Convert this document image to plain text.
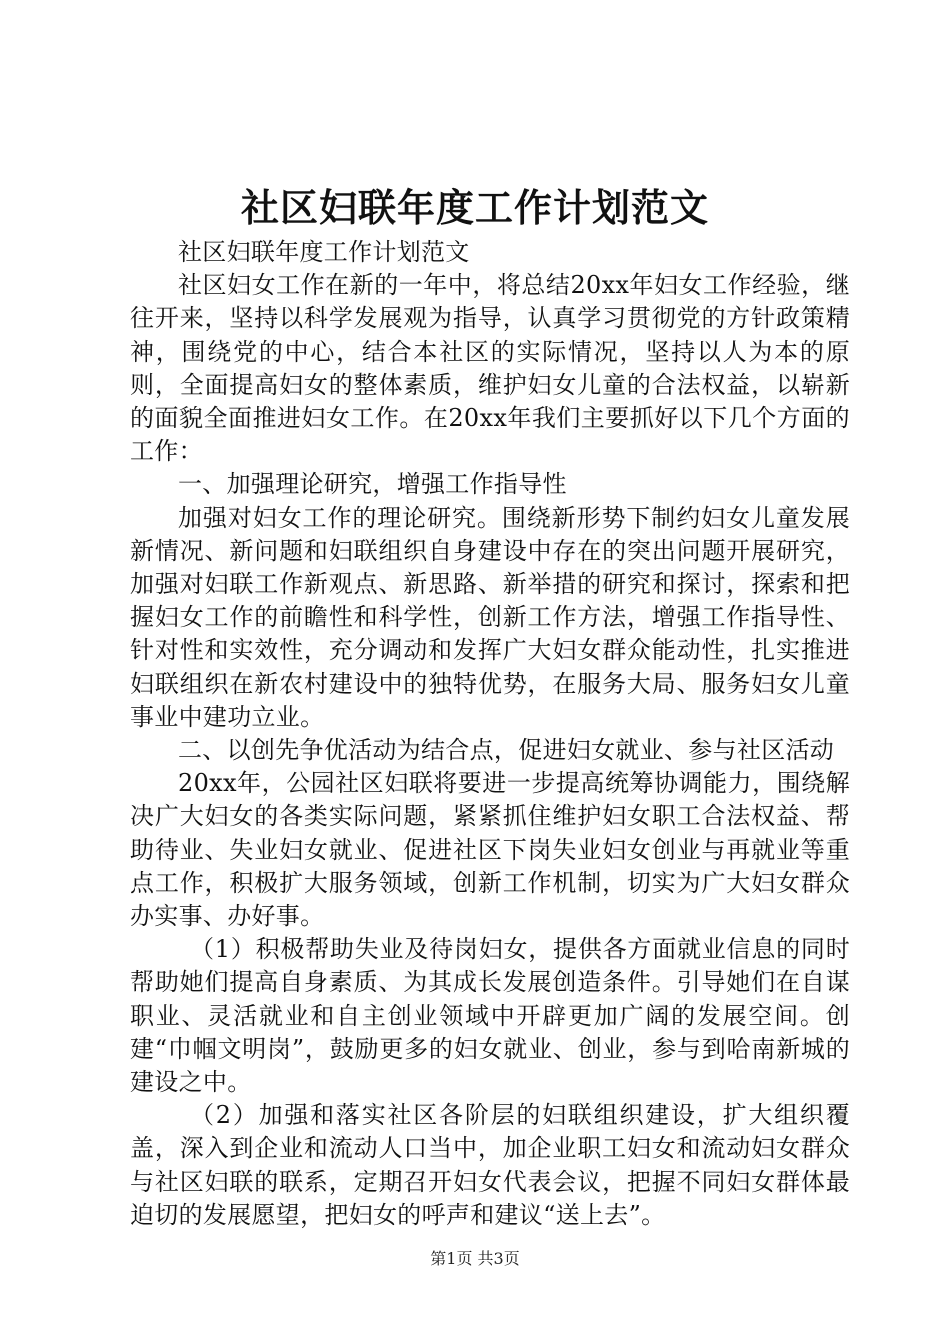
社区妇联年度工作计划范文

社区妇联年度工作计划范文

社区妇女工作在新的一年中，将总结20xx年妇女工作经验，继往开来，坚持以科学发展观为指导，认真学习贯彻党的方针政策精神，围绕党的中心，结合本社区的实际情况，坚持以人为本的原则，全面提高妇女的整体素质，维护妇女儿童的合法权益，以崭新的面貌全面推进妇女工作。在20xx年我们主要抓好以下几个方面的工作：

一、加强理论研究，增强工作指导性

加强对妇女工作的理论研究。围绕新形势下制约妇女儿童发展新情况、新问题和妇联组织自身建设中存在的突出问题开展研究，加强对妇联工作新观点、新思路、新举措的研究和探讨，探索和把握妇女工作的前瞻性和科学性，创新工作方法，增强工作指导性、针对性和实效性，充分调动和发挥广大妇女群众能动性，扎实推进妇联组织在新农村建设中的独特优势，在服务大局、服务妇女儿童事业中建功立业。

二、以创先争优活动为结合点，促进妇女就业、参与社区活动

20xx年，公园社区妇联将要进一步提高统筹协调能力，围绕解决广大妇女的各类实际问题，紧紧抓住维护妇女职工合法权益、帮助待业、失业妇女就业、促进社区下岗失业妇女创业与再就业等重点工作，积极扩大服务领域，创新工作机制，切实为广大妇女群众办实事、办好事。

（1）积极帮助失业及待岗妇女，提供各方面就业信息的同时帮助她们提高自身素质、为其成长发展创造条件。引导她们在自谋职业、灵活就业和自主创业领域中开辟更加广阔的发展空间。创建“巾帼文明岗”，鼓励更多的妇女就业、创业，参与到哈南新城的建设之中。

（2）加强和落实社区各阶层的妇联组织建设，扩大组织覆盖，深入到企业和流动人口当中，加企业职工妇女和流动妇女群众与社区妇联的联系，定期召开妇女代表会议，把握不同妇女群体最迫切的发展愿望，把妇女的呼声和建议“送上去”。

第1页 共3页
